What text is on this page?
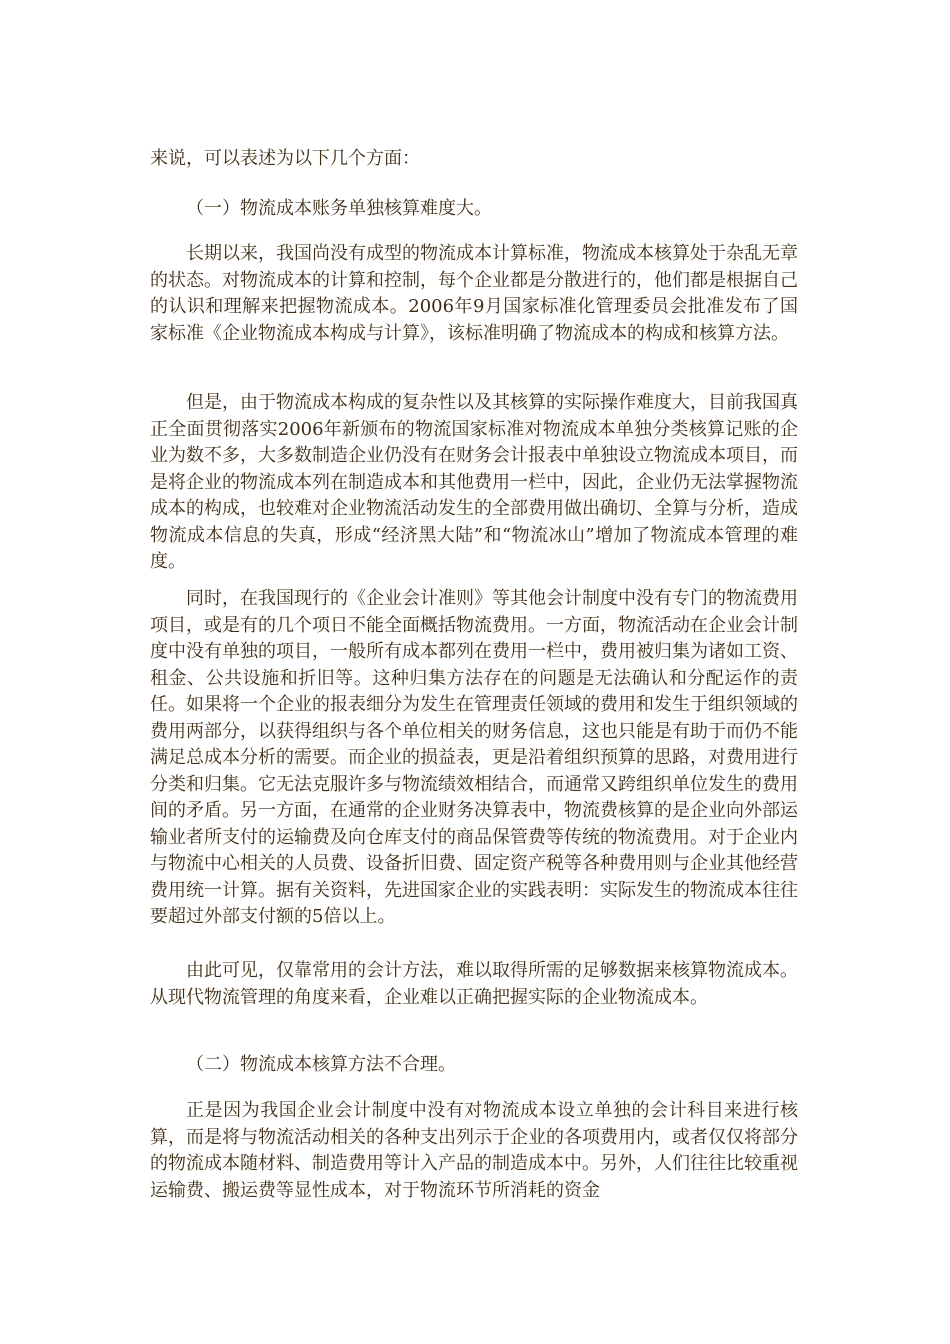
来说，可以表述为以下几个方面：

（一）物流成本账务单独核算难度大。

长期以来，我国尚没有成型的物流成本计算标准，物流成本核算处于杂乱无章的状态。对物流成本的计算和控制，每个企业都是分散进行的，他们都是根据自己的认识和理解来把握物流成本。2006年9月国家标准化管理委员会批准发布了国家标准《企业物流成本构成与计算》，该标准明确了物流成本的构成和核算方法。

但是，由于物流成本构成的复杂性以及其核算的实际操作难度大，目前我国真正全面贯彻落实2006年新颁布的物流国家标准对物流成本单独分类核算记账的企业为数不多，大多数制造企业仍没有在财务会计报表中单独设立物流成本项目，而是将企业的物流成本列在制造成本和其他费用一栏中，因此，企业仍无法掌握物流成本的构成，也较难对企业物流活动发生的全部费用做出确切、全算与分析，造成物流成本信息的失真，形成“经济黑大陆”和“物流冰山”增加了物流成本管理的难度。

同时，在我国现行的《企业会计准则》等其他会计制度中没有专门的物流费用项目，或是有的几个项日不能全面概括物流费用。一方面，物流活动在企业会计制度中没有单独的项目，一般所有成本都列在费用一栏中，费用被归集为诸如工资、租金、公共设施和折旧等。这种归集方法存在的问题是无法确认和分配运作的责任。如果将一个企业的报表细分为发生在管理责任领域的费用和发生于组织领域的费用两部分，以获得组织与各个单位相关的财务信息，这也只能是有助于而仍不能满足总成本分析的需要。而企业的损益表，更是沿着组织预算的思路，对费用进行分类和归集。它无法克服许多与物流绩效相结合，而通常又跨组织单位发生的费用间的矛盾。另一方面，在通常的企业财务决算表中，物流费核算的是企业向外部运输业者所支付的运输费及向仓库支付的商品保管费等传统的物流费用。对于企业内与物流中心相关的人员费、设备折旧费、固定资产税等各种费用则与企业其他经营费用统一计算。据有关资料，先进国家企业的实践表明：实际发生的物流成本往往要超过外部支付额的5倍以上。

由此可见，仅靠常用的会计方法，难以取得所需的足够数据来核算物流成本。从现代物流管理的角度来看，企业难以正确把握实际的企业物流成本。

（二）物流成本核算方法不合理。

正是因为我国企业会计制度中没有对物流成本设立单独的会计科目来进行核算，而是将与物流活动相关的各种支出列示于企业的各项费用内，或者仅仅将部分的物流成本随材料、制造费用等计入产品的制造成本中。另外，人们往往比较重视运输费、搬运费等显性成本，对于物流环节所消耗的资金
